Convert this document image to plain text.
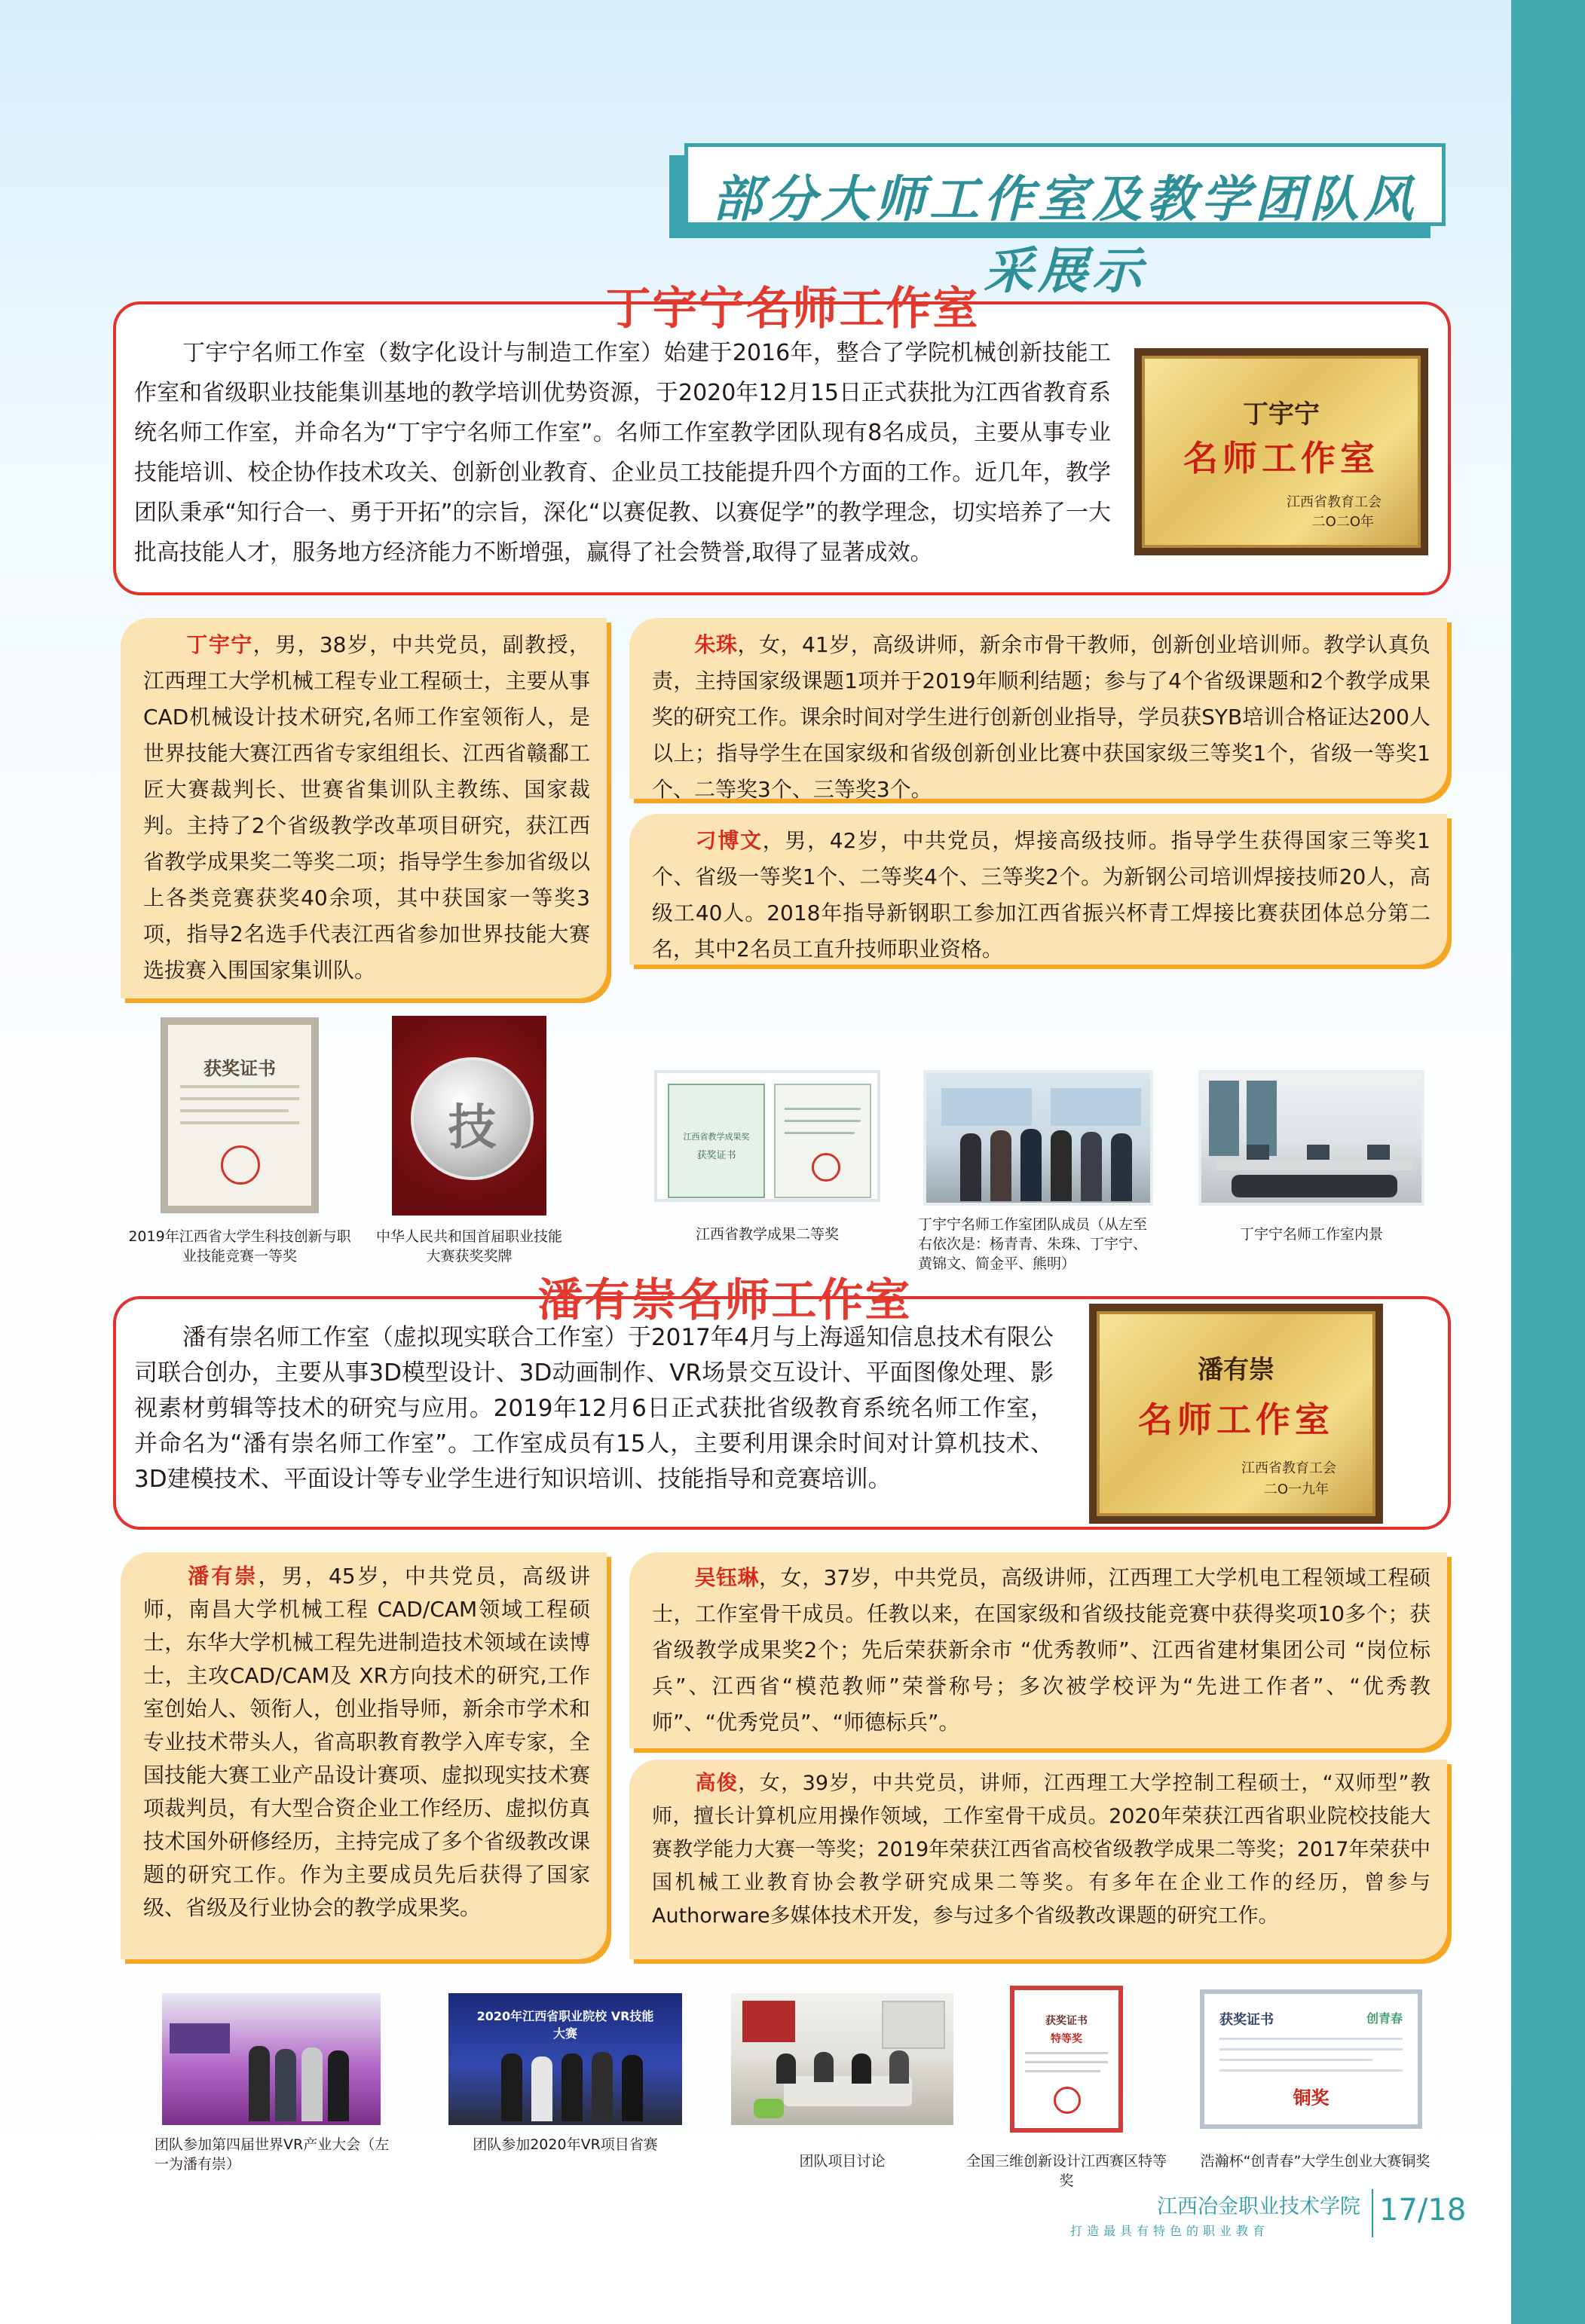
部分大师工作室及教学团队风采展示
丁宇宁名师工作室
丁宇宁名师工作室（数字化设计与制造工作室）始建于2016年，整合了学院机械创新技能工作室和省级职业技能集训基地的教学培训优势资源，于2020年12月15日正式获批为江西省教育系统名师工作室，并命名为“丁宇宁名师工作室”。名师工作室教学团队现有8名成员，主要从事专业技能培训、校企协作技术攻关、创新创业教育、企业员工技能提升四个方面的工作。近几年，教学团队秉承“知行合一、勇于开拓”的宗旨，深化“以赛促教、以赛促学”的教学理念，切实培养了一大批高技能人才，服务地方经济能力不断增强，赢得了社会赞誉,取得了显著成效。
丁宇宁
名师工作室
江西省教育工会
二O二O年
丁宇宁，男，38岁，中共党员，副教授，江西理工大学机械工程专业工程硕士，主要从事CAD机械设计技术研究,名师工作室领衔人，是世界技能大赛江西省专家组组长、江西省赣鄱工匠大赛裁判长、世赛省集训队主教练、国家裁判。主持了2个省级教学改革项目研究，获江西省教学成果奖二等奖二项；指导学生参加省级以上各类竞赛获奖40余项，其中获国家一等奖3项，指导2名选手代表江西省参加世界技能大赛选拔赛入围国家集训队。
朱珠，女，41岁，高级讲师，新余市骨干教师，创新创业培训师。教学认真负责，主持国家级课题1项并于2019年顺利结题；参与了4个省级课题和2个教学成果奖的研究工作。课余时间对学生进行创新创业指导，学员获SYB培训合格证达200人以上；指导学生在国家级和省级创新创业比赛中获国家级三等奖1个，省级一等奖1个、二等奖3个、三等奖3个。
刁博文，男，42岁，中共党员，焊接高级技师。指导学生获得国家三等奖1个、省级一等奖1个、二等奖4个、三等奖2个。为新钢公司培训焊接技师20人，高级工40人。2018年指导新钢职工参加江西省振兴杯青工焊接比赛获团体总分第二名，其中2名员工直升技师职业资格。
获奖证书
2019年江西省大学生科技创新与职业技能竞赛一等奖
技
中华人民共和国首届职业技能大赛获奖奖牌
江西省教学成果奖
获奖证书
江西省教学成果二等奖
丁宇宁名师工作室团队成员（从左至右依次是：杨青青、朱珠、丁宇宁、黄锦文、简金平、熊明）
丁宇宁名师工作室内景
潘有崇名师工作室
潘有崇名师工作室（虚拟现实联合工作室）于2017年4月与上海遥知信息技术有限公司联合创办，主要从事3D模型设计、3D动画制作、VR场景交互设计、平面图像处理、影视素材剪辑等技术的研究与应用。2019年12月6日正式获批省级教育系统名师工作室，并命名为“潘有崇名师工作室”。工作室成员有15人，主要利用课余时间对计算机技术、3D建模技术、平面设计等专业学生进行知识培训、技能指导和竞赛培训。
潘有崇
名师工作室
江西省教育工会
二O一九年
潘有崇，男，45岁，中共党员，高级讲师，南昌大学机械工程 CAD/CAM领域工程硕士，东华大学机械工程先进制造技术领域在读博士，主攻CAD/CAM及 XR方向技术的研究,工作室创始人、领衔人，创业指导师，新余市学术和专业技术带头人，省高职教育教学入库专家，全国技能大赛工业产品设计赛项、虚拟现实技术赛项裁判员，有大型合资企业工作经历、虚拟仿真技术国外研修经历，主持完成了多个省级教改课题的研究工作。作为主要成员先后获得了国家级、省级及行业协会的教学成果奖。
吴钰琳，女，37岁，中共党员，高级讲师，江西理工大学机电工程领域工程硕士，工作室骨干成员。任教以来，在国家级和省级技能竞赛中获得奖项10多个；获省级教学成果奖2个；先后荣获新余市 “优秀教师”、江西省建材集团公司 “岗位标兵”、江西省“模范教师”荣誉称号；多次被学校评为“先进工作者”、“优秀教师”、“优秀党员”、“师德标兵”。
高俊，女，39岁，中共党员，讲师，江西理工大学控制工程硕士，“双师型”教师，擅长计算机应用操作领域，工作室骨干成员。2020年荣获江西省职业院校技能大赛教学能力大赛一等奖；2019年荣获江西省高校省级教学成果二等奖；2017年荣获中国机械工业教育协会教学研究成果二等奖。有多年在企业工作的经历，曾参与Authorware多媒体技术开发，参与过多个省级教改课题的研究工作。
团队参加第四届世界VR产业大会（左一为潘有崇）
2020年江西省职业院校 VR技能大赛
团队参加2020年VR项目省赛
团队项目讨论
获奖证书
特等奖
全国三维创新设计江西赛区特等奖
获奖证书	创青春
铜奖
浩瀚杯“创青春”大学生创业大赛铜奖
江西冶金职业技术学院
打造最具有特色的职业教育
17/18
